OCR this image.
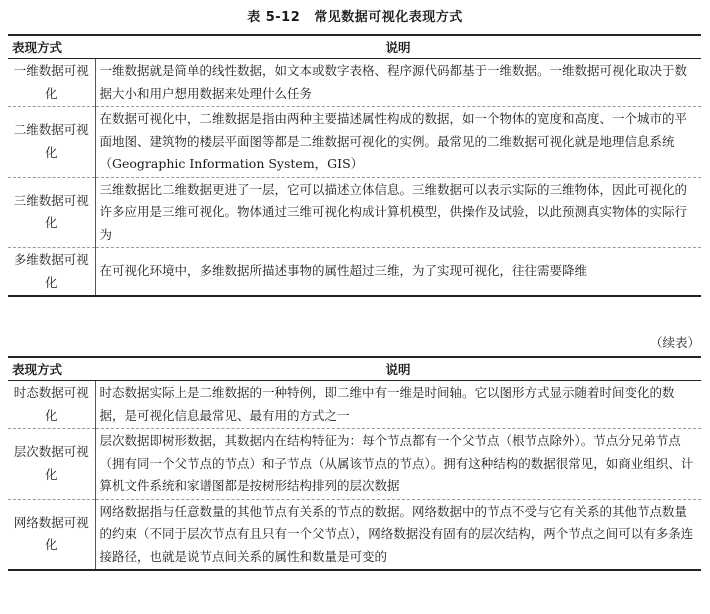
表 5-12 常见数据可视化表现方式
表现方式	说明
一维数据可视化	一维数据就是简单的线性数据，如文本或数字表格、程序源代码都基于一维数据。一维数据可视化取决于数据大小和用户想用数据来处理什么任务
二维数据可视化	在数据可视化中，二维数据是指由两种主要描述属性构成的数据，如一个物体的宽度和高度、一个城市的平面地图、建筑物的楼层平面图等都是二维数据可视化的实例。最常见的二维数据可视化就是地理信息系统（Geographic Information System，GIS）
三维数据可视化	三维数据比二维数据更进了一层，它可以描述立体信息。三维数据可以表示实际的三维物体，因此可视化的许多应用是三维可视化。物体通过三维可视化构成计算机模型，供操作及试验，以此预测真实物体的实际行为
多维数据可视化	在可视化环境中，多维数据所描述事物的属性超过三维，为了实现可视化，往往需要降维
（续表）
表现方式	说明
时态数据可视化	时态数据实际上是二维数据的一种特例，即二维中有一维是时间轴。它以图形方式显示随着时间变化的数据，是可视化信息最常见、最有用的方式之一
层次数据可视化	层次数据即树形数据，其数据内在结构特征为：每个节点都有一个父节点（根节点除外）。节点分兄弟节点（拥有同一个父节点的节点）和子节点（从属该节点的节点）。拥有这种结构的数据很常见，如商业组织、计算机文件系统和家谱图都是按树形结构排列的层次数据
网络数据可视化	网络数据指与任意数量的其他节点有关系的节点的数据。网络数据中的节点不受与它有关系的其他节点数量的约束（不同于层次节点有且只有一个父节点），网络数据没有固有的层次结构，两个节点之间可以有多条连接路径，也就是说节点间关系的属性和数量是可变的
